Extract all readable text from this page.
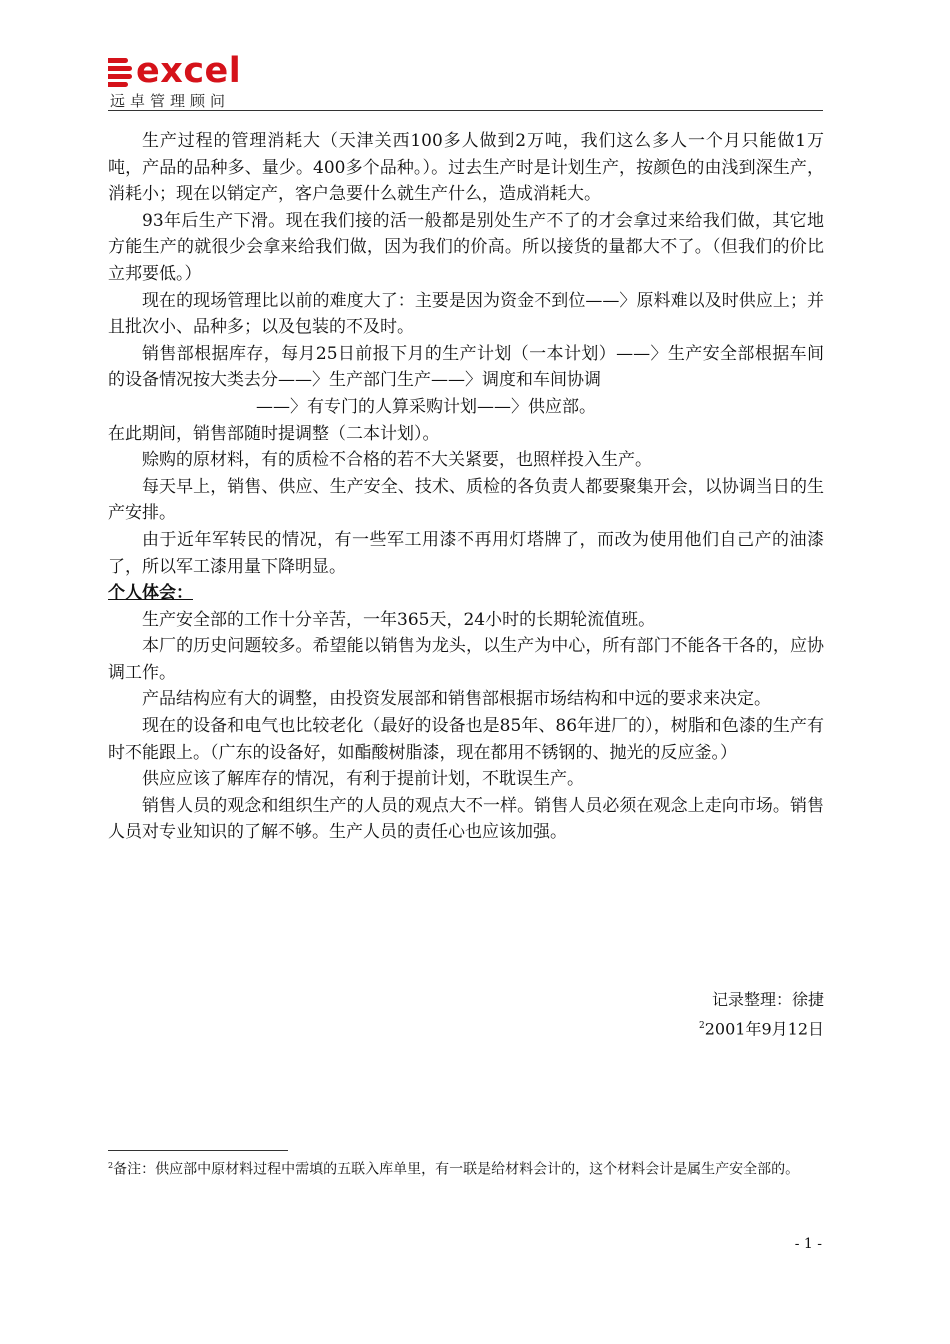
excel
远卓管理顾问

生产过程的管理消耗大（天津关西100多人做到2万吨，我们这么多人一个月只能做1万吨，产品的品种多、量少。400多个品种。）。过去生产时是计划生产，按颜色的由浅到深生产，消耗小；现在以销定产，客户急要什么就生产什么，造成消耗大。

93年后生产下滑。现在我们接的活一般都是别处生产不了的才会拿过来给我们做，其它地方能生产的就很少会拿来给我们做，因为我们的价高。所以接货的量都大不了。（但我们的价比立邦要低。）

现在的现场管理比以前的难度大了：主要是因为资金不到位——〉原料难以及时供应上；并且批次小、品种多；以及包装的不及时。

销售部根据库存，每月25日前报下月的生产计划（一本计划）——〉生产安全部根据车间的设备情况按大类去分——〉生产部门生产——〉调度和车间协调

——〉有专门的人算采购计划——〉供应部。

在此期间，销售部随时提调整（二本计划）。

赊购的原材料，有的质检不合格的若不大关紧要，也照样投入生产。

每天早上，销售、供应、生产安全、技术、质检的各负责人都要聚集开会，以协调当日的生产安排。

由于近年军转民的情况，有一些军工用漆不再用灯塔牌了，而改为使用他们自己产的油漆了，所以军工漆用量下降明显。

个人体会：

生产安全部的工作十分辛苦，一年365天，24小时的长期轮流值班。

本厂的历史问题较多。希望能以销售为龙头，以生产为中心，所有部门不能各干各的，应协调工作。

产品结构应有大的调整，由投资发展部和销售部根据市场结构和中远的要求来决定。

现在的设备和电气也比较老化（最好的设备也是85年、86年进厂的），树脂和色漆的生产有时不能跟上。（广东的设备好，如酯酸树脂漆，现在都用不锈钢的、抛光的反应釜。）

供应应该了解库存的情况，有利于提前计划，不耽误生产。

销售人员的观念和组织生产的人员的观点大不一样。销售人员必须在观念上走向市场。销售人员对专业知识的了解不够。生产人员的责任心也应该加强。

记录整理：徐捷
$^2$2001年9月12日
$^2$备注：供应部中原材料过程中需填的五联入库单里，有一联是给材料会计的，这个材料会计是属生产安全部的。
- 1 -
